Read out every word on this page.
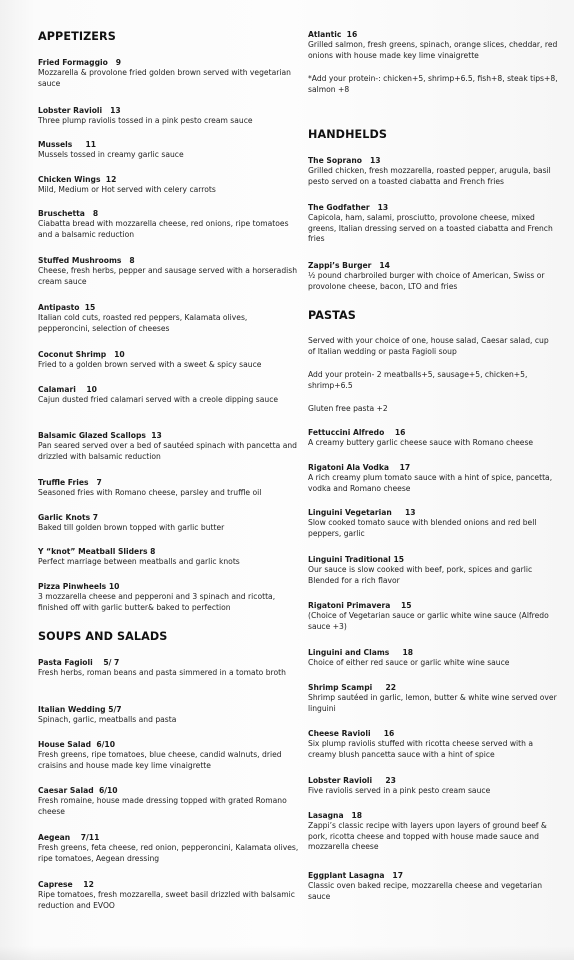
APPETIZERS
Fried Formaggio 9
Mozzarella & provolone fried golden brown served with vegetarian sauce
Lobster Ravioli 13
Three plump raviolis tossed in a pink pesto cream sauce
Mussels 11
Mussels tossed in creamy garlic sauce
Chicken Wings 12
Mild, Medium or Hot served with celery carrots
Bruschetta 8
Ciabatta bread with mozzarella cheese, red onions, ripe tomatoes and a balsamic reduction
Stuffed Mushrooms 8
Cheese, fresh herbs, pepper and sausage served with a horseradish cream sauce
Antipasto 15
Italian cold cuts, roasted red peppers, Kalamata olives, pepperoncini, selection of cheeses
Coconut Shrimp 10
Fried to a golden brown served with a sweet & spicy sauce
Calamari 10
Cajun dusted fried calamari served with a creole dipping sauce
Balsamic Glazed Scallops 13
Pan seared served over a bed of sautéed spinach with pancetta and drizzled with balsamic reduction
Truffle Fries 7
Seasoned fries with Romano cheese, parsley and truffle oil
Garlic Knots 7
Baked till golden brown topped with garlic butter
Y “knot” Meatball Sliders 8
Perfect marriage between meatballs and garlic knots
Pizza Pinwheels 10
3 mozzarella cheese and pepperoni and 3 spinach and ricotta, finished off with garlic butter& baked to perfection
SOUPS AND SALADS
Pasta Fagioli 5/ 7
Fresh herbs, roman beans and pasta simmered in a tomato broth
Italian Wedding 5/7
Spinach, garlic, meatballs and pasta
House Salad 6/10
Fresh greens, ripe tomatoes, blue cheese, candid walnuts, dried craisins and house made key lime vinaigrette
Caesar Salad 6/10
Fresh romaine, house made dressing topped with grated Romano cheese
Aegean 7/11
Fresh greens, feta cheese, red onion, pepperoncini, Kalamata olives, ripe tomatoes, Aegean dressing
Caprese 12
Ripe tomatoes, fresh mozzarella, sweet basil drizzled with balsamic reduction and EVOO
Atlantic 16
Grilled salmon, fresh greens, spinach, orange slices, cheddar, red onions with house made key lime vinaigrette
*Add your protein-: chicken+5, shrimp+6.5, fish+8, steak tips+8, salmon +8
HANDHELDS
The Soprano 13
Grilled chicken, fresh mozzarella, roasted pepper, arugula, basil pesto served on a toasted ciabatta and French fries
The Godfather 13
Capicola, ham, salami, prosciutto, provolone cheese, mixed greens, Italian dressing served on a toasted ciabatta and French fries
Zappi’s Burger 14
½ pound charbroiled burger with choice of American, Swiss or provolone cheese, bacon, LTO and fries
PASTAS
Served with your choice of one, house salad, Caesar salad, cup of Italian wedding or pasta Fagioli soup
Add your protein- 2 meatballs+5, sausage+5, chicken+5, shrimp+6.5
Gluten free pasta +2
Fettuccini Alfredo 16
A creamy buttery garlic cheese sauce with Romano cheese
Rigatoni Ala Vodka 17
A rich creamy plum tomato sauce with a hint of spice, pancetta, vodka and Romano cheese
Linguini Vegetarian 13
Slow cooked tomato sauce with blended onions and red bell peppers, garlic
Linguini Traditional 15
Our sauce is slow cooked with beef, pork, spices and garlic Blended for a rich flavor
Rigatoni Primavera 15
(Choice of Vegetarian sauce or garlic white wine sauce (Alfredo sauce +3)
Linguini and Clams 18
Choice of either red sauce or garlic white wine sauce
Shrimp Scampi 22
Shrimp sautéed in garlic, lemon, butter & white wine served over linguini
Cheese Ravioli 16
Six plump raviolis stuffed with ricotta cheese served with a creamy blush pancetta sauce with a hint of spice
Lobster Ravioli 23
Five raviolis served in a pink pesto cream sauce
Lasagna 18
Zappi’s classic recipe with layers upon layers of ground beef & pork, ricotta cheese and topped with house made sauce and mozzarella cheese
Eggplant Lasagna 17
Classic oven baked recipe, mozzarella cheese and vegetarian sauce
